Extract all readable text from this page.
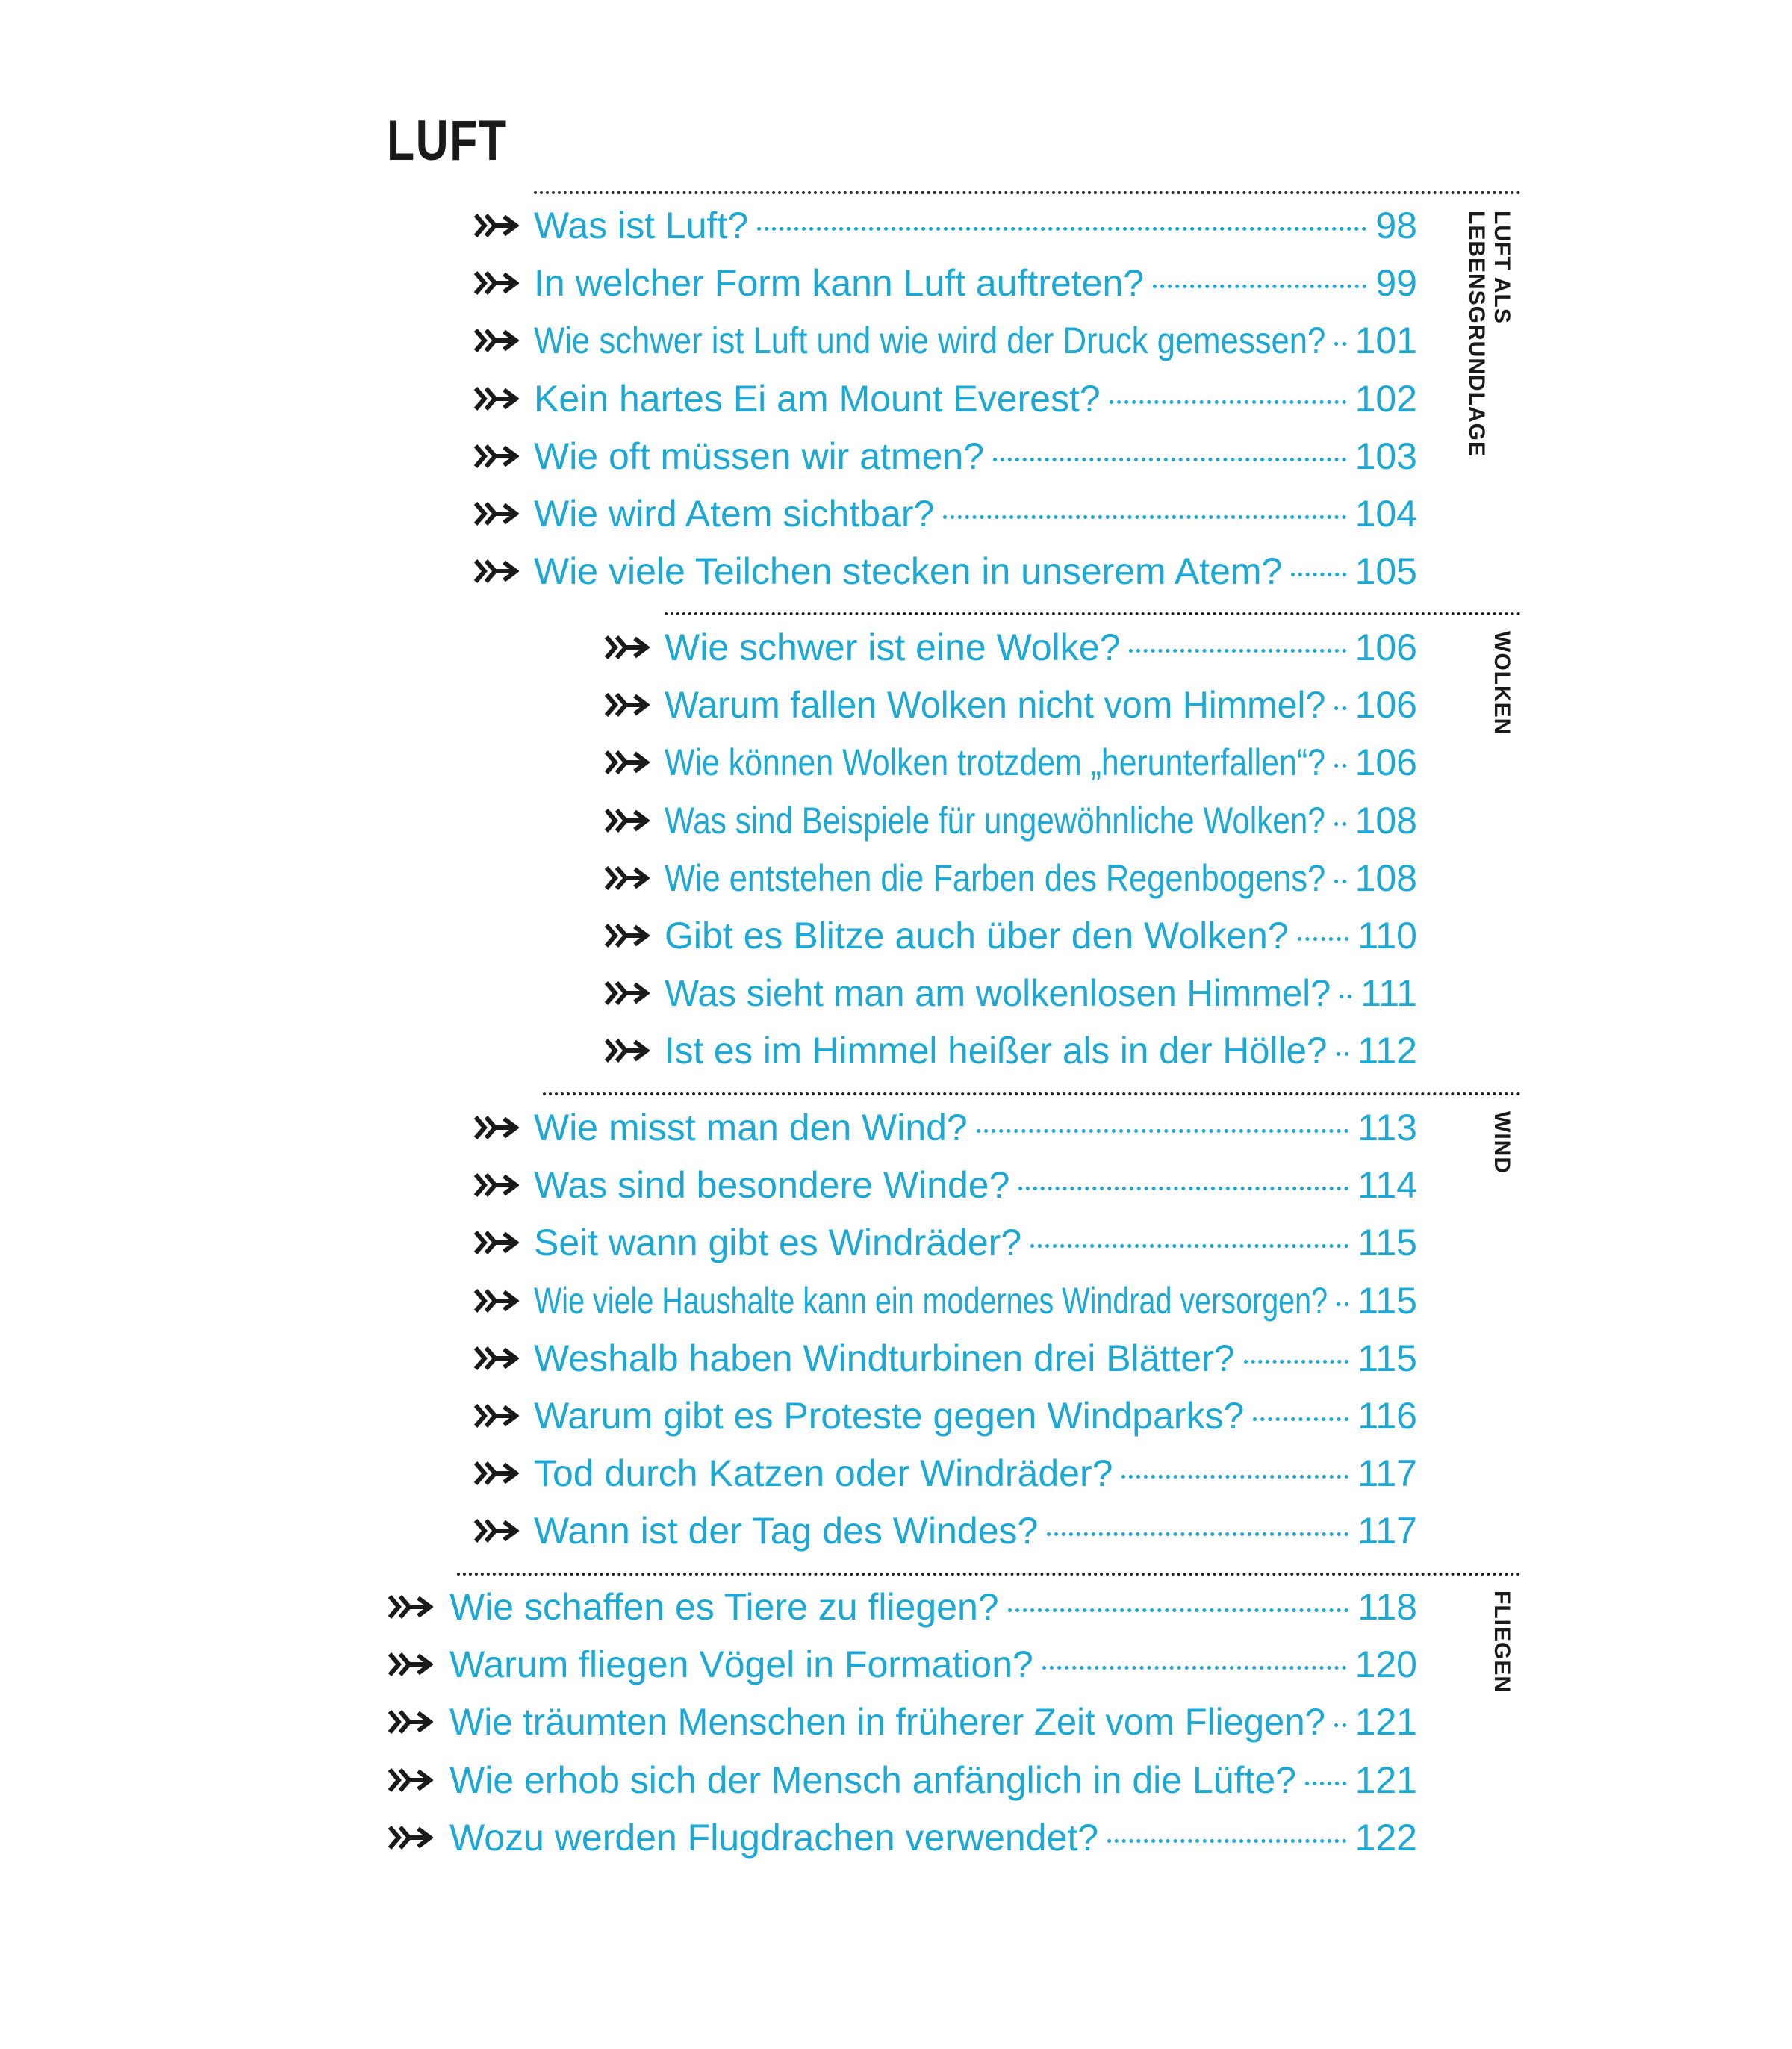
LUFT
LUFT ALS
LEBENSGRUNDLAGE
Was ist Luft?	98
In welcher Form kann Luft auftreten?	99
Wie schwer ist Luft und wie wird der Druck gemessen? 101
Kein hartes Ei am Mount Everest?	102
Wie oft müssen wir atmen?	103
Wie wird Atem sichtbar?	104
Wie viele Teilchen stecken in unserem Atem? 105
WOLKEN
Wie schwer ist eine Wolke?	106
Warum fallen Wolken nicht vom Himmel? 106
Wie können Wolken trotzdem „herunterfallen“? 106
Was sind Beispiele für ungewöhnliche Wolken? 108
Wie entstehen die Farben des Regenbogens? 108
Gibt es Blitze auch über den Wolken? 110
Was sieht man am wolkenlosen Himmel? 111
Ist es im Himmel heißer als in der Hölle? 112
WIND
Wie misst man den Wind?	113
Was sind besondere Winde?	114
Seit wann gibt es Windräder?	115
Wie viele Haushalte kann ein modernes Windrad versorgen? 115
Weshalb haben Windturbinen drei Blätter?	115
Warum gibt es Proteste gegen Windparks?	116
Tod durch Katzen oder Windräder?	117
Wann ist der Tag des Windes?	117
FLIEGEN
Wie schaffen es Tiere zu fliegen?	118
Warum fliegen Vögel in Formation?	120
Wie träumten Menschen in früherer Zeit vom Fliegen? 121
Wie erhob sich der Mensch anfänglich in die Lüfte? 121
Wozu werden Flugdrachen verwendet?	122
